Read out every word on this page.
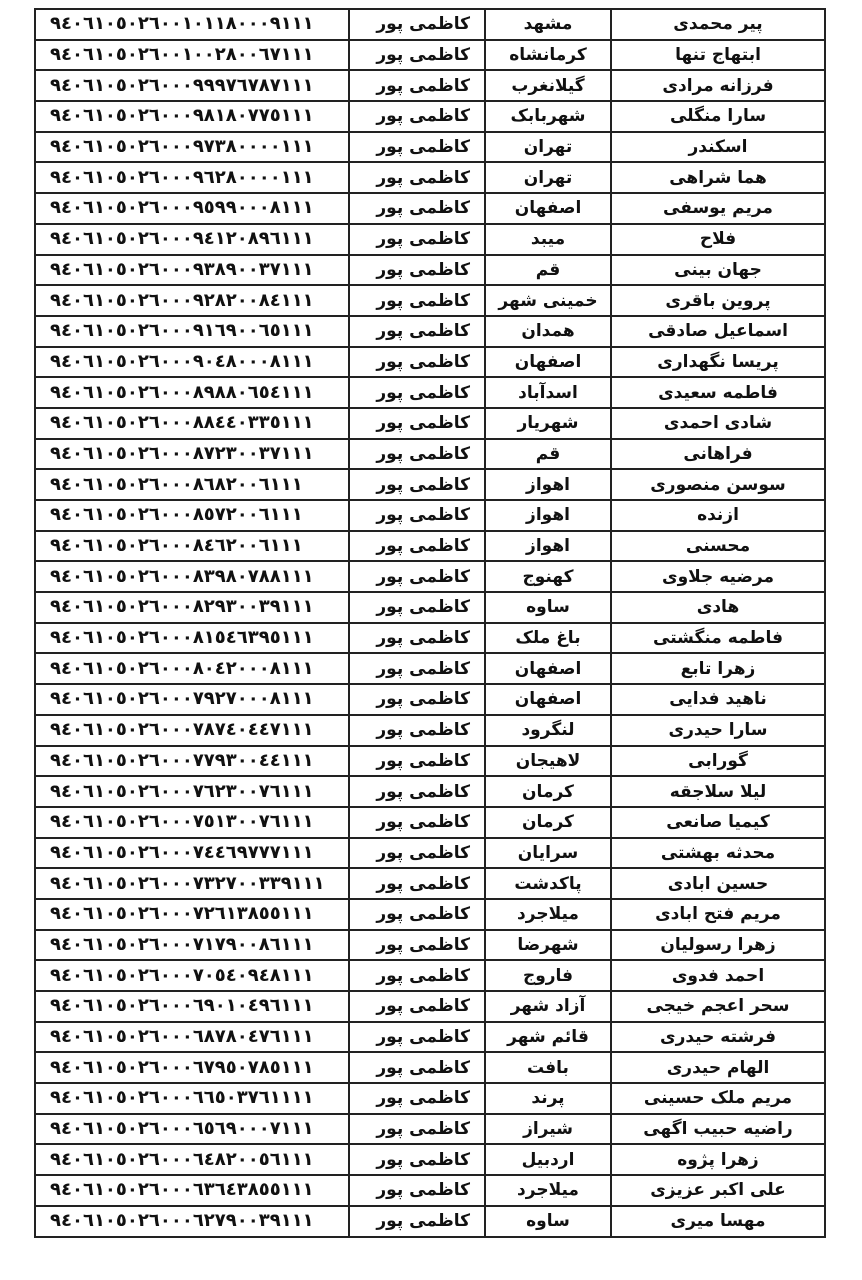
پیر محمدی	مشهد	کاظمی پور	٩٤٠٦١٠٥٠٢٦٠٠١٠١١٨٠٠٠٩١١١
ابتهاج تنها	کرمانشاه	کاظمی پور	٩٤٠٦١٠٥٠٢٦٠٠١٠٠٢٨٠٠٦٧١١١
فرزانه مرادی	گیلانغرب	کاظمی پور	٩٤٠٦١٠٥٠٢٦٠٠٠٩٩٩٧٦٧٨٧١١١
سارا منگلی	شهربابک	کاظمی پور	٩٤٠٦١٠٥٠٢٦٠٠٠٩٨١٨٠٧٧٥١١١
اسکندر	تهران	کاظمی پور	٩٤٠٦١٠٥٠٢٦٠٠٠٩٧٣٨٠٠٠٠١١١
هما شراهی	تهران	کاظمی پور	٩٤٠٦١٠٥٠٢٦٠٠٠٩٦٢٨٠٠٠٠١١١
مریم یوسفی	اصفهان	کاظمی پور	٩٤٠٦١٠٥٠٢٦٠٠٠٩٥٩٩٠٠٠٨١١١
فلاح	میبد	کاظمی پور	٩٤٠٦١٠٥٠٢٦٠٠٠٩٤١٢٠٨٩٦١١١
جهان بینی	قم	کاظمی پور	٩٤٠٦١٠٥٠٢٦٠٠٠٩٣٨٩٠٠٣٧١١١
پروین باقری	خمینی شهر	کاظمی پور	٩٤٠٦١٠٥٠٢٦٠٠٠٩٢٨٢٠٠٨٤١١١
اسماعیل صادقی	همدان	کاظمی پور	٩٤٠٦١٠٥٠٢٦٠٠٠٩١٦٩٠٠٦٥١١١
پریسا نگهداری	اصفهان	کاظمی پور	٩٤٠٦١٠٥٠٢٦٠٠٠٩٠٤٨٠٠٠٨١١١
فاطمه سعیدی	اسدآباد	کاظمی پور	٩٤٠٦١٠٥٠٢٦٠٠٠٨٩٨٨٠٦٥٤١١١
شادی احمدی	شهریار	کاظمی پور	٩٤٠٦١٠٥٠٢٦٠٠٠٨٨٤٤٠٣٣٥١١١
فراهانی	قم	کاظمی پور	٩٤٠٦١٠٥٠٢٦٠٠٠٨٧٢٣٠٠٣٧١١١
سوسن منصوری	اهواز	کاظمی پور	٩٤٠٦١٠٥٠٢٦٠٠٠٨٦٨٢٠٠٦١١١
ازنده	اهواز	کاظمی پور	٩٤٠٦١٠٥٠٢٦٠٠٠٨٥٧٢٠٠٦١١١
محسنی	اهواز	کاظمی پور	٩٤٠٦١٠٥٠٢٦٠٠٠٨٤٦٢٠٠٦١١١
مرضیه جلاوی	کهنوج	کاظمی پور	٩٤٠٦١٠٥٠٢٦٠٠٠٨٣٩٨٠٧٨٨١١١
هادی	ساوه	کاظمی پور	٩٤٠٦١٠٥٠٢٦٠٠٠٨٢٩٣٠٠٣٩١١١
فاطمه منگشتی	باغ ملک	کاظمی پور	٩٤٠٦١٠٥٠٢٦٠٠٠٨١٥٤٦٣٩٥١١١
زهرا تابع	اصفهان	کاظمی پور	٩٤٠٦١٠٥٠٢٦٠٠٠٨٠٤٢٠٠٠٨١١١
ناهید فدایی	اصفهان	کاظمی پور	٩٤٠٦١٠٥٠٢٦٠٠٠٧٩٢٧٠٠٠٨١١١
سارا حیدری	لنگرود	کاظمی پور	٩٤٠٦١٠٥٠٢٦٠٠٠٧٨٧٤٠٤٤٧١١١
گورابی	لاهیجان	کاظمی پور	٩٤٠٦١٠٥٠٢٦٠٠٠٧٧٩٣٠٠٤٤١١١
لیلا سلاجقه	کرمان	کاظمی پور	٩٤٠٦١٠٥٠٢٦٠٠٠٧٦٢٣٠٠٧٦١١١
کیمیا صانعی	کرمان	کاظمی پور	٩٤٠٦١٠٥٠٢٦٠٠٠٧٥١٣٠٠٧٦١١١
محدثه بهشتی	سرایان	کاظمی پور	٩٤٠٦١٠٥٠٢٦٠٠٠٧٤٤٦٩٧٧٧١١١
حسین ابادی	پاکدشت	کاظمی پور	٩٤٠٦١٠٥٠٢٦٠٠٠٧٣٢٧٠٠٣٣٩١١١
مریم فتح ابادی	میلاجرد	کاظمی پور	٩٤٠٦١٠٥٠٢٦٠٠٠٧٢٦١٣٨٥٥١١١
زهرا رسولیان	شهرضا	کاظمی پور	٩٤٠٦١٠٥٠٢٦٠٠٠٧١٧٩٠٠٨٦١١١
احمد فدوی	فاروج	کاظمی پور	٩٤٠٦١٠٥٠٢٦٠٠٠٧٠٥٤٠٩٤٨١١١
سحر اعجم خیجی	آزاد شهر	کاظمی پور	٩٤٠٦١٠٥٠٢٦٠٠٠٦٩٠١٠٤٩٦١١١
فرشته حیدری	قائم شهر	کاظمی پور	٩٤٠٦١٠٥٠٢٦٠٠٠٦٨٧٨٠٤٧٦١١١
الهام حیدری	بافت	کاظمی پور	٩٤٠٦١٠٥٠٢٦٠٠٠٦٧٩٥٠٧٨٥١١١
مریم ملک حسینی	پرند	کاظمی پور	٩٤٠٦١٠٥٠٢٦٠٠٠٦٦٥٠٣٧٦١١١١
راضیه حبیب اگهی	شیراز	کاظمی پور	٩٤٠٦١٠٥٠٢٦٠٠٠٦٥٦٩٠٠٠٧١١١
زهرا پژوه	اردبیل	کاظمی پور	٩٤٠٦١٠٥٠٢٦٠٠٠٦٤٨٢٠٠٥٦١١١
علی اکبر عزیزی	میلاجرد	کاظمی پور	٩٤٠٦١٠٥٠٢٦٠٠٠٦٣٦٤٣٨٥٥١١١
مهسا میری	ساوه	کاظمی پور	٩٤٠٦١٠٥٠٢٦٠٠٠٦٢٧٩٠٠٣٩١١١
